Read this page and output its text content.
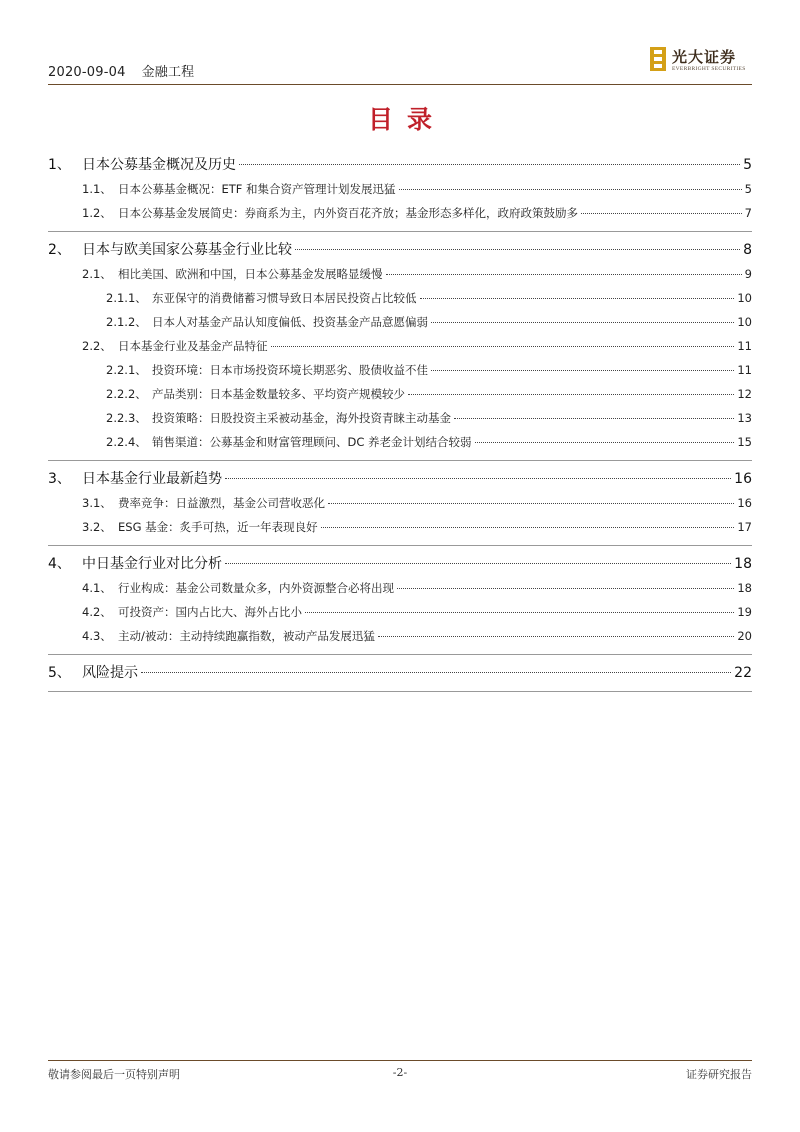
2020-09-04 金融工程
光大证券
EVERBRIGHT SECURITIES
目录
1、 日本公募基金概况及历史	5
1.1、 日本公募基金概况：ETF 和集合资产管理计划发展迅猛	5
1.2、 日本公募基金发展简史：券商系为主，内外资百花齐放；基金形态多样化，政府政策鼓励多	7
2、 日本与欧美国家公募基金行业比较	8
2.1、 相比美国、欧洲和中国，日本公募基金发展略显缓慢	9
2.1.1、 东亚保守的消费储蓄习惯导致日本居民投资占比较低	10
2.1.2、 日本人对基金产品认知度偏低、投资基金产品意愿偏弱	10
2.2、 日本基金行业及基金产品特征	11
2.2.1、 投资环境：日本市场投资环境长期恶劣、股债收益不佳	11
2.2.2、 产品类别：日本基金数量较多、平均资产规模较少	12
2.2.3、 投资策略：日股投资主采被动基金，海外投资青睐主动基金	13
2.2.4、 销售渠道：公募基金和财富管理顾问、DC 养老金计划结合较弱	15
3、 日本基金行业最新趋势	16
3.1、 费率竞争：日益激烈，基金公司营收恶化	16
3.2、 ESG 基金：炙手可热，近一年表现良好	17
4、 中日基金行业对比分析	18
4.1、 行业构成：基金公司数量众多，内外资源整合必将出现	18
4.2、 可投资产：国内占比大、海外占比小	19
4.3、 主动/被动：主动持续跑赢指数，被动产品发展迅猛	20
5、 风险提示	22
敬请参阅最后一页特别声明	-2-	证券研究报告
